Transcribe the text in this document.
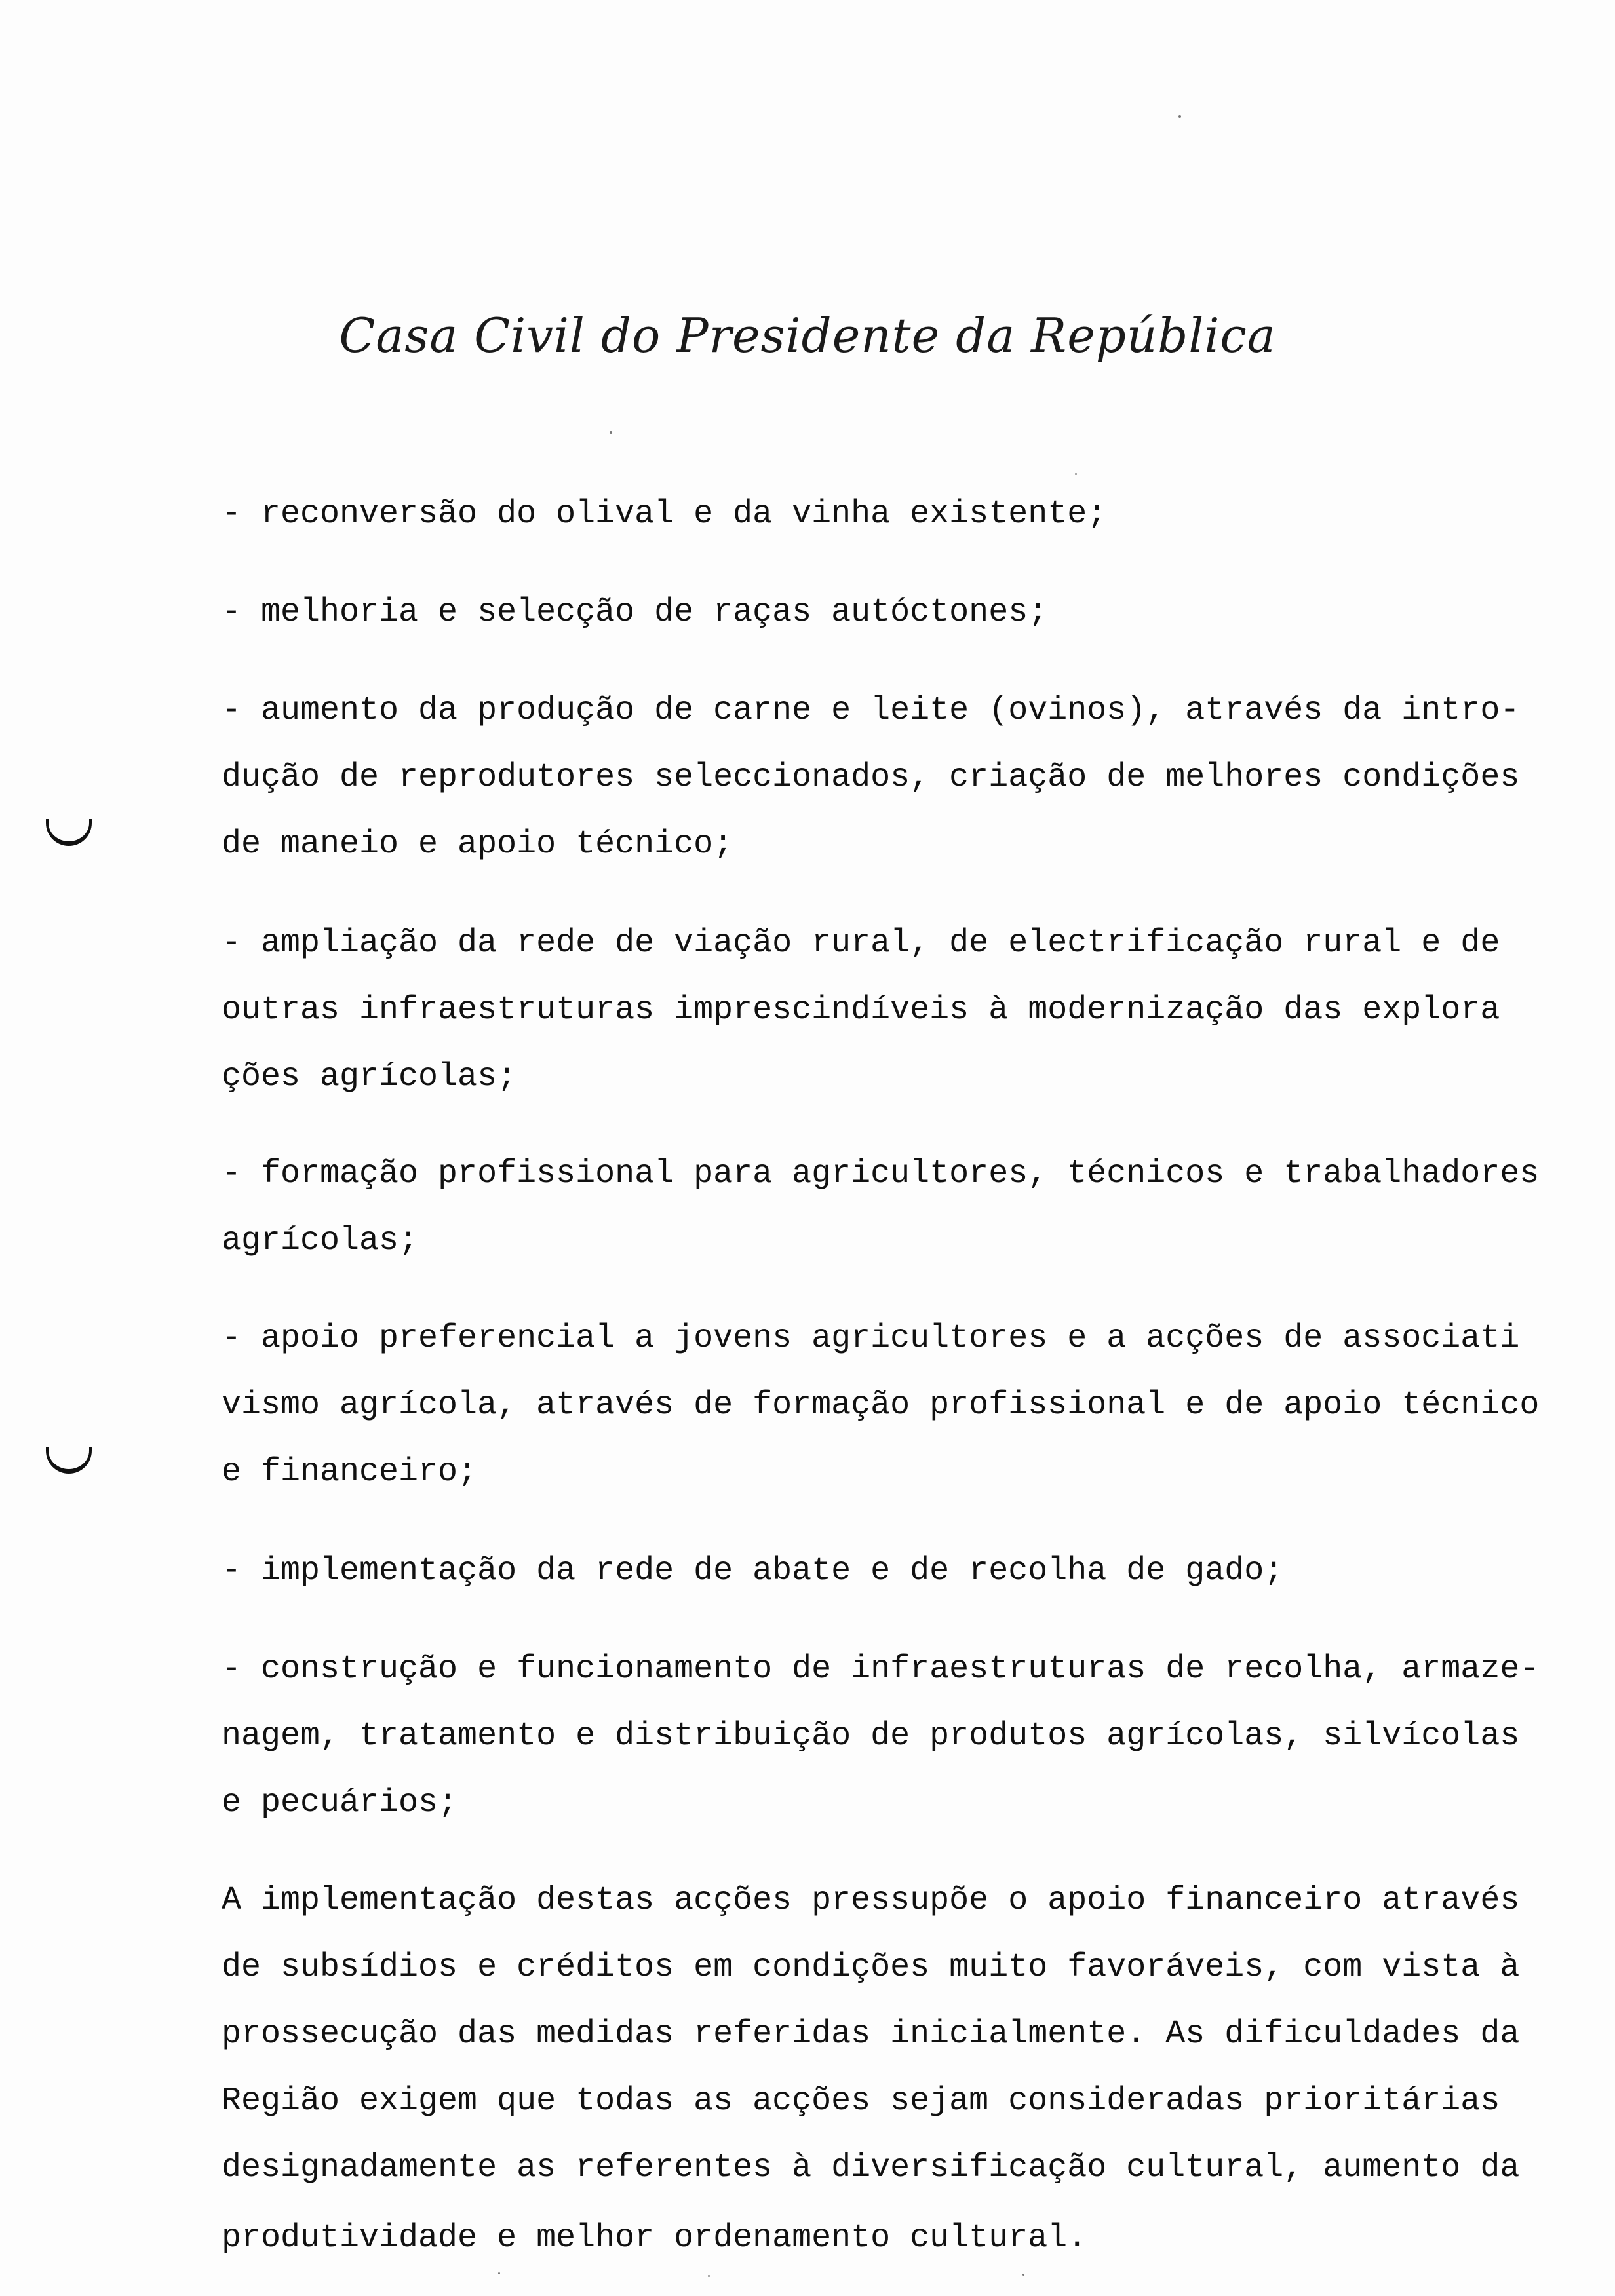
Casa Civil do Presidente da República
- reconversão do olival e da vinha existente;
- melhoria e selecção de raças autóctones;
- aumento da produção de carne e leite (ovinos), através da intro-
dução de reprodutores seleccionados, criação de melhores condições
de maneio e apoio técnico;
- ampliação da rede de viação rural, de electrificação rural e de
outras infraestruturas imprescindíveis à modernização das explora
ções agrícolas;
- formação profissional para agricultores, técnicos e trabalhadores
agrícolas;
- apoio preferencial a jovens agricultores e a acções de associati
vismo agrícola, através de formação profissional e de apoio técnico
e financeiro;
- implementação da rede de abate e de recolha de gado;
- construção e funcionamento de infraestruturas de recolha, armaze-
nagem, tratamento e distribuição de produtos agrícolas, silvícolas
e pecuários;
A implementação destas acções pressupõe o apoio financeiro através
de subsídios e créditos em condições muito favoráveis, com vista à
prossecução das medidas referidas inicialmente. As dificuldades da
Região exigem que todas as acções sejam consideradas prioritárias
designadamente as referentes à diversificação cultural, aumento da
produtividade e melhor ordenamento cultural.
